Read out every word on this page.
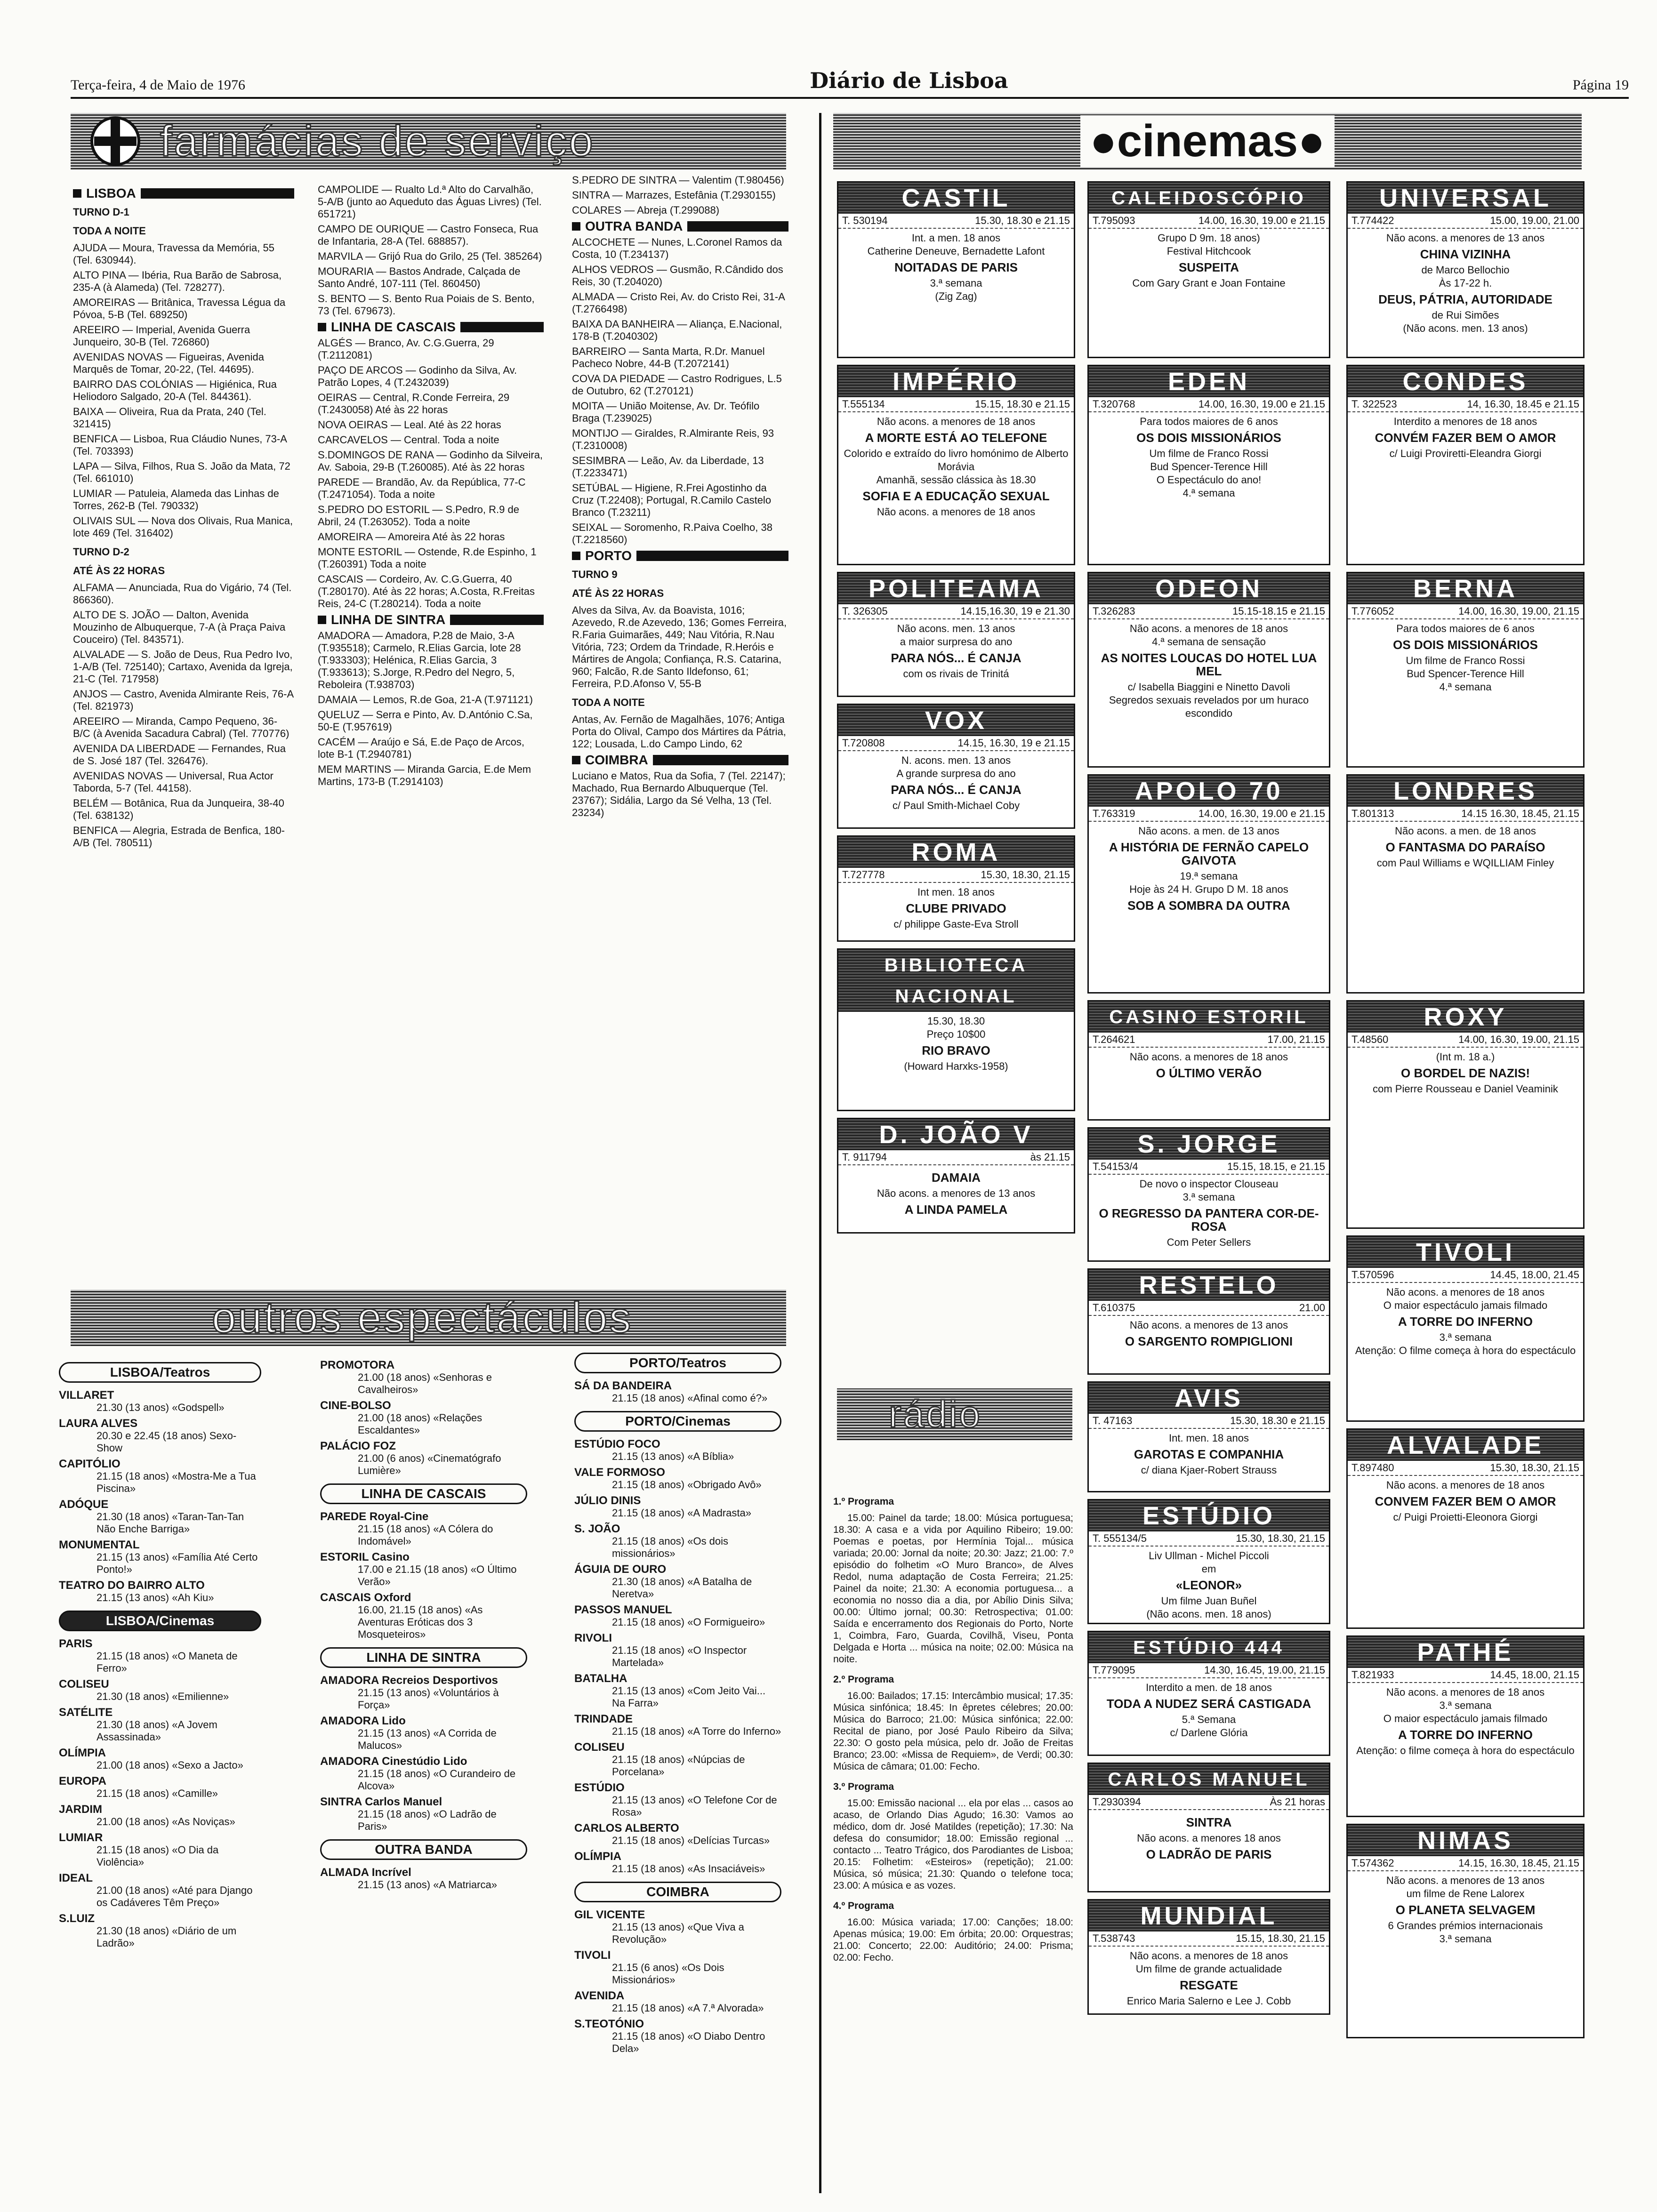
Terça-feira, 4 de Maio de 1976	Diário de Lisboa	Página 19
farmácias de serviço	●cinemas●
LISBOA

TURNO D-1

TODA A NOITE

AJUDA — Moura, Travessa da Memória, 55 (Tel. 630944).

ALTO PINA — Ibéria, Rua Barão de Sabrosa, 235-A (à Alameda) (Tel. 728277).

AMOREIRAS — Britânica, Travessa Légua da Póvoa, 5-B (Tel. 689250)

AREEIRO — Imperial, Avenida Guerra Junqueiro, 30-B (Tel. 726860)

AVENIDAS NOVAS — Figueiras, Avenida Marquês de Tomar, 20-22, (Tel. 44695).

BAIRRO DAS COLÓNIAS — Higiénica, Rua Heliodoro Salgado, 20-A (Tel. 844361).

BAIXA — Oliveira, Rua da Prata, 240 (Tel. 321415)

BENFICA — Lisboa, Rua Cláudio Nunes, 73-A (Tel. 703393)

LAPA — Silva, Filhos, Rua S. João da Mata, 72 (Tel. 661010)

LUMIAR — Patuleia, Alameda das Linhas de Torres, 262-B (Tel. 790332)

OLIVAIS SUL — Nova dos Olivais, Rua Manica, lote 469 (Tel. 316402)

TURNO D-2

ATÉ ÀS 22 HORAS

ALFAMA — Anunciada, Rua do Vigário, 74 (Tel. 866360).

ALTO DE S. JOÃO — Dalton, Avenida Mouzinho de Albuquerque, 7-A (à Praça Paiva Couceiro) (Tel. 843571).

ALVALADE — S. João de Deus, Rua Pedro Ivo, 1-A/B (Tel. 725140); Cartaxo, Avenida da Igreja, 21-C (Tel. 717958)

ANJOS — Castro, Avenida Almirante Reis, 76-A (Tel. 821973)

AREEIRO — Miranda, Campo Pequeno, 36-B/C (à Avenida Sacadura Cabral) (Tel. 770776)

AVENIDA DA LIBERDADE — Fernandes, Rua de S. José 187 (Tel. 326476).

AVENIDAS NOVAS — Universal, Rua Actor Taborda, 5-7 (Tel. 44158).

BELÉM — Botânica, Rua da Junqueira, 38-40 (Tel. 638132)

BENFICA — Alegria, Estrada de Benfica, 180-A/B (Tel. 780511)

CAMPOLIDE — Rualto Ld.ª Alto do Carvalhão, 5-A/B (junto ao Aqueduto das Águas Livres) (Tel. 651721)

CAMPO DE OURIQUE — Castro Fonseca, Rua de Infantaria, 28-A (Tel. 688857).

MARVILA — Grijó Rua do Grilo, 25 (Tel. 385264)

MOURARIA — Bastos Andrade, Calçada de Santo André, 107-111 (Tel. 860450)

S. BENTO — S. Bento Rua Poiais de S. Bento, 73 (Tel. 679673).

LINHA DE CASCAIS

ALGÉS — Branco, Av. C.G.Guerra, 29 (T.2112081)

PAÇO DE ARCOS — Godinho da Silva, Av. Patrão Lopes, 4 (T.2432039)

OEIRAS — Central, R.Conde Ferreira, 29 (T.2430058) Até às 22 horas

NOVA OEIRAS — Leal. Até às 22 horas

CARCAVELOS — Central. Toda a noite

S.DOMINGOS DE RANA — Godinho da Silveira, Av. Saboia, 29-B (T.260085). Até às 22 horas

PAREDE — Brandão, Av. da República, 77-C (T.2471054). Toda a noite

S.PEDRO DO ESTORIL — S.Pedro, R.9 de Abril, 24 (T.263052). Toda a noite

AMOREIRA — Amoreira Até às 22 horas

MONTE ESTORIL — Ostende, R.de Espinho, 1 (T.260391) Toda a noite

CASCAIS — Cordeiro, Av. C.G.Guerra, 40 (T.280170). Até às 22 horas; A.Costa, R.Freitas Reis, 24-C (T.280214). Toda a noite

LINHA DE SINTRA

AMADORA — Amadora, P.28 de Maio, 3-A (T.935518); Carmelo, R.Elias Garcia, lote 28 (T.933303); Helénica, R.Elias Garcia, 3 (T.933613); S.Jorge, R.Pedro del Negro, 5, Reboleira (T.938703)

DAMAIA — Lemos, R.de Goa, 21-A (T.971121)

QUELUZ — Serra e Pinto, Av. D.António C.Sa, 50-E (T.957619)

CACÉM — Araújo e Sá, E.de Paço de Arcos, lote B-1 (T.2940781)

MEM MARTINS — Miranda Garcia, E.de Mem Martins, 173-B (T.2914103)

S.PEDRO DE SINTRA — Valentim (T.980456)

SINTRA — Marrazes, Estefânia (T.2930155)

COLARES — Abreja (T.299088)

OUTRA BANDA

ALCOCHETE — Nunes, L.Coronel Ramos da Costa, 10 (T.234137)

ALHOS VEDROS — Gusmão, R.Cândido dos Reis, 30 (T.204020)

ALMADA — Cristo Rei, Av. do Cristo Rei, 31-A (T.2766498)

BAIXA DA BANHEIRA — Aliança, E.Nacional, 178-B (T.2040302)

BARREIRO — Santa Marta, R.Dr. Manuel Pacheco Nobre, 44-B (T.2072141)

COVA DA PIEDADE — Castro Rodrigues, L.5 de Outubro, 62 (T.270121)

MOITA — União Moitense, Av. Dr. Teófilo Braga (T.239025)

MONTIJO — Giraldes, R.Almirante Reis, 93 (T.2310008)

SESIMBRA — Leão, Av. da Liberdade, 13 (T.2233471)

SETÚBAL — Higiene, R.Frei Agostinho da Cruz (T.22408); Portugal, R.Camilo Castelo Branco (T.23211)

SEIXAL — Soromenho, R.Paiva Coelho, 38 (T.2218560)

PORTO

TURNO 9

ATÉ ÀS 22 HORAS

Alves da Silva, Av. da Boavista, 1016; Azevedo, R.de Azevedo, 136; Gomes Ferreira, R.Faria Guimarães, 449; Nau Vitória, R.Nau Vitória, 723; Ordem da Trindade, R.Heróis e Mártires de Angola; Confiança, R.S. Catarina, 960; Falcão, R.de Santo Ildefonso, 61; Ferreira, P.D.Afonso V, 55-B

TODA A NOITE

Antas, Av. Fernão de Magalhães, 1076; Antiga Porta do Olival, Campo dos Mártires da Pátria, 122; Lousada, L.do Campo Lindo, 62

COIMBRA

Luciano e Matos, Rua da Sofia, 7 (Tel. 22147); Machado, Rua Bernardo Albuquerque (Tel. 23767); Sidália, Largo da Sé Velha, 13 (Tel. 23234)

outros espectáculos
LISBOA/Teatros
VILLARET
21.30 (13 anos) «Godspell»
LAURA ALVES
20.30 e 22.45 (18 anos) Sexo-Show
CAPITÓLIO
21.15 (18 anos) «Mostra-Me a Tua Piscina»
ADÓQUE
21.30 (18 anos) «Taran-Tan-Tan Não Enche Barriga»
MONUMENTAL
21.15 (13 anos) «Família Até Certo Ponto!»
TEATRO DO BAIRRO ALTO
21.15 (13 anos) «Ah Kiu»
LISBOA/Cinemas
PARIS
21.15 (18 anos) «O Maneta de Ferro»
COLISEU
21.30 (18 anos) «Emilienne»
SATÉLITE
21.30 (18 anos) «A Jovem Assassinada»
OLÍMPIA
21.00 (18 anos) «Sexo a Jacto»
EUROPA
21.15 (18 anos) «Camille»
JARDIM
21.00 (18 anos) «As Noviças»
LUMIAR
21.15 (18 anos) «O Dia da Violência»
IDEAL
21.00 (18 anos) «Até para Django os Cadáveres Têm Preço»
S.LUIZ
21.30 (18 anos) «Diário de um Ladrão»
PROMOTORA
21.00 (18 anos) «Senhoras e Cavalheiros»
CINE-BOLSO
21.00 (18 anos) «Relações Escaldantes»
PALÁCIO FOZ
21.00 (6 anos) «Cinematógrafo Lumière»
LINHA DE CASCAIS
PAREDE Royal-Cine
21.15 (18 anos) «A Cólera do Indomável»
ESTORIL Casino
17.00 e 21.15 (18 anos) «O Último Verão»
CASCAIS Oxford
16.00, 21.15 (18 anos) «As Aventuras Eróticas dos 3 Mosqueteiros»
LINHA DE SINTRA
AMADORA Recreios Desportivos
21.15 (13 anos) «Voluntários à Força»
AMADORA Lido
21.15 (13 anos) «A Corrida de Malucos»
AMADORA Cinestúdio Lido
21.15 (18 anos) «O Curandeiro de Alcova»
SINTRA Carlos Manuel
21.15 (18 anos) «O Ladrão de Paris»
OUTRA BANDA
ALMADA Incrível
21.15 (13 anos) «A Matriarca»
PORTO/Teatros
SÁ DA BANDEIRA
21.15 (18 anos) «Afinal como é?»
PORTO/Cinemas
ESTÚDIO FOCO
21.15 (13 anos) «A Bíblia»
VALE FORMOSO
21.15 (18 anos) «Obrigado Avô»
JÚLIO DINIS
21.15 (18 anos) «A Madrasta»
S. JOÃO
21.15 (18 anos) «Os dois missionários»
ÁGUIA DE OURO
21.30 (18 anos) «A Batalha de Neretva»
PASSOS MANUEL
21.15 (18 anos) «O Formigueiro»
RIVOLI
21.15 (18 anos) «O Inspector Martelada»
BATALHA
21.15 (13 anos) «Com Jeito Vai... Na Farra»
TRINDADE
21.15 (18 anos) «A Torre do Inferno»
COLISEU
21.15 (18 anos) «Núpcias de Porcelana»
ESTÚDIO
21.15 (13 anos) «O Telefone Cor de Rosa»
CARLOS ALBERTO
21.15 (18 anos) «Delícias Turcas»
OLÍMPIA
21.15 (18 anos) «As Insaciáveis»
COIMBRA
GIL VICENTE
21.15 (13 anos) «Que Viva a Revolução»
TIVOLI
21.15 (6 anos) «Os Dois Missionários»
AVENIDA
21.15 (18 anos) «A 7.ª Alvorada»
S.TEOTÓNIO
21.15 (18 anos) «O Diabo Dentro Dela»
CASTIL
T. 530194	15.30, 18.30 e 21.15
Int. a men. 18 anos
Catherine Deneuve, Bernadette Lafont
NOITADAS DE PARIS
3.ª semana
(Zig Zag)
IMPÉRIO
T.555134	15.15, 18.30 e 21.15
Não acons. a menores de 18 anos
A MORTE ESTÁ AO TELEFONE
Colorido e extraído do livro homónimo de Alberto Morávia
Amanhã, sessão clássica às 18.30
SOFIA E A EDUCAÇÃO SEXUAL
Não acons. a menores de 18 anos
POLITEAMA
T. 326305	14.15,16.30, 19 e 21.30
Não acons. men. 13 anos
a maior surpresa do ano
PARA NÓS... É CANJA
com os rivais de Trinitá
VOX
T.720808	14.15, 16.30, 19 e 21.15
N. acons. men. 13 anos
A grande surpresa do ano
PARA NÓS... É CANJA
c/ Paul Smith-Michael Coby
ROMA
T.727778	15.30, 18.30, 21.15
Int men. 18 anos
CLUBE PRIVADO
c/ philippe Gaste-Eva Stroll
BIBLIOTECA NACIONAL
15.30, 18.30
Preço 10$00
RIO BRAVO
(Howard Harxks-1958)
D. JOÃO V
T. 911794	às 21.15
DAMAIA
Não acons. a menores de 13 anos
A LINDA PAMELA
CALEIDOSCÓPIO
T.795093	14.00, 16.30, 19.00 e 21.15
Grupo D 9m. 18 anos)
Festival Hitchcook
SUSPEITA
Com Gary Grant e Joan Fontaine
EDEN
T.320768	14.00, 16.30, 19.00 e 21.15
Para todos maiores de 6 anos
OS DOIS MISSIONÁRIOS
Um filme de Franco Rossi
Bud Spencer-Terence Hill
O Espectáculo do ano!
4.ª semana
ODEON
T.326283	15.15-18.15 e 21.15
Não acons. a menores de 18 anos
4.ª semana de sensação
AS NOITES LOUCAS DO HOTEL LUA MEL
c/ Isabella Biaggini e Ninetto Davoli
Segredos sexuais revelados por um huraco escondido
APOLO 70
T.763319	14.00, 16.30, 19.00 e 21.15
Não acons. a men. de 13 anos
A HISTÓRIA DE FERNÃO CAPELO GAIVOTA
19.ª semana
Hoje às 24 H. Grupo D M. 18 anos
SOB A SOMBRA DA OUTRA
CASINO ESTORIL
T.264621	17.00, 21.15
Não acons. a menores de 18 anos
O ÚLTIMO VERÃO
S. JORGE
T.54153/4	15.15, 18.15, e 21.15
De novo o inspector Clouseau
3.ª semana
O REGRESSO DA PANTERA COR-DE-ROSA
Com Peter Sellers
RESTELO
T.610375	21.00
Não acons. a menores de 13 anos
O SARGENTO ROMPIGLIONI
AVIS
T. 47163	15.30, 18.30 e 21.15
Int. men. 18 anos
GAROTAS E COMPANHIA
c/ diana Kjaer-Robert Strauss
ESTÚDIO
T. 555134/5	15.30, 18.30, 21.15
Liv Ullman - Michel Piccoli
em
«LEONOR»
Um filme Juan Buñel
(Não acons. men. 18 anos)
ESTÚDIO 444
T.779095	14.30, 16.45, 19.00, 21.15
Interdito a men. de 18 anos
TODA A NUDEZ SERÁ CASTIGADA
5.ª Semana
c/ Darlene Glória
CARLOS MANUEL
T.2930394	Às 21 horas
SINTRA
Não acons. a menores 18 anos
O LADRÃO DE PARIS
MUNDIAL
T.538743	15.15, 18.30, 21.15
Não acons. a menores de 18 anos
Um filme de grande actualidade
RESGATE
Enrico Maria Salerno e Lee J. Cobb
UNIVERSAL
T.774422	15.00, 19.00, 21.00
Não acons. a menores de 13 anos
CHINA VIZINHA
de Marco Bellochio
Às 17-22 h.
DEUS, PÁTRIA, AUTORIDADE
de Rui Simões
(Não acons. men. 13 anos)
CONDES
T. 322523	14, 16.30, 18.45 e 21.15
Interdito a menores de 18 anos
CONVÉM FAZER BEM O AMOR
c/ Luigi Proviretti-Eleandra Giorgi
BERNA
T.776052	14.00, 16.30, 19.00, 21.15
Para todos maiores de 6 anos
OS DOIS MISSIONÁRIOS
Um filme de Franco Rossi
Bud Spencer-Terence Hill
4.ª semana
LONDRES
T.801313	14.15 16.30, 18.45, 21.15
Não acons. a men. de 18 anos
O FANTASMA DO PARAÍSO
com Paul Williams e WQILLIAM Finley
ROXY
T.48560	14.00, 16.30, 19.00, 21.15
(Int m. 18 a.)
O BORDEL DE NAZIS!
com Pierre Rousseau e Daniel Veaminik
TIVOLI
T.570596	14.45, 18.00, 21.45
Não acons. a menores de 18 anos
O maior espectáculo jamais filmado
A TORRE DO INFERNO
3.ª semana
Atenção: O filme começa à hora do espectáculo
ALVALADE
T.897480	15.30, 18.30, 21.15
Não acons. a menores de 18 anos
CONVEM FAZER BEM O AMOR
c/ Puigi Proietti-Eleonora Giorgi
PATHÉ
T.821933	14.45, 18.00, 21.15
Não acons. a menores de 18 anos
3.ª semana
O maior espectáculo jamais filmado
A TORRE DO INFERNO
Atenção: o filme começa à hora do espectáculo
NIMAS
T.574362	14.15, 16.30, 18.45, 21.15
Não acons. a menores de 13 anos
um filme de Rene Lalorex
O PLANETA SELVAGEM
6 Grandes prémios internacionais
3.ª semana
rádio
1.º Programa

15.00: Painel da tarde; 18.00: Música portuguesa; 18.30: A casa e a vida por Aquilino Ribeiro; 19.00: Poemas e poetas, por Hermínia Tojal... música variada; 20.00: Jornal da noite; 20.30: Jazz; 21.00: 7.º episódio do folhetim «O Muro Branco», de Alves Redol, numa adaptação de Costa Ferreira; 21.25: Painel da noite; 21.30: A economia portuguesa... a economia no nosso dia a dia, por Abílio Dinis Silva; 00.00: Último jornal; 00.30: Retrospectiva; 01.00: Saída e encerramento dos Regionais do Porto, Norte 1, Coimbra, Faro, Guarda, Covilhã, Viseu, Ponta Delgada e Horta ... música na noite; 02.00: Música na noite.

2.º Programa

16.00: Bailados; 17.15: Intercâmbio musical; 17.35: Música sinfónica; 18.45: In êpretes célebres; 20.00: Música do Barroco; 21.00: Música sinfónica; 22.00: Recital de piano, por José Paulo Ribeiro da Silva; 22.30: O gosto pela música, pelo dr. João de Freitas Branco; 23.00: «Missa de Requiem», de Verdi; 00.30: Música de câmara; 01.00: Fecho.

3.º Programa

15.00: Emissão nacional ... ela por elas ... casos ao acaso, de Orlando Dias Agudo; 16.30: Vamos ao médico, dom dr. José Matildes (repetição); 17.30: Na defesa do consumidor; 18.00: Emissão regional ... contacto ... Teatro Trágico, dos Parodiantes de Lisboa; 20.15: Folhetim: «Esteiros» (repetição); 21.00: Música, só música; 21.30: Quando o telefone toca; 23.00: A música e as vozes.

4.º Programa

16.00: Música variada; 17.00: Canções; 18.00: Apenas música; 19.00: Em órbita; 20.00: Orquestras; 21.00: Concerto; 22.00: Auditório; 24.00: Prisma; 02.00: Fecho.
